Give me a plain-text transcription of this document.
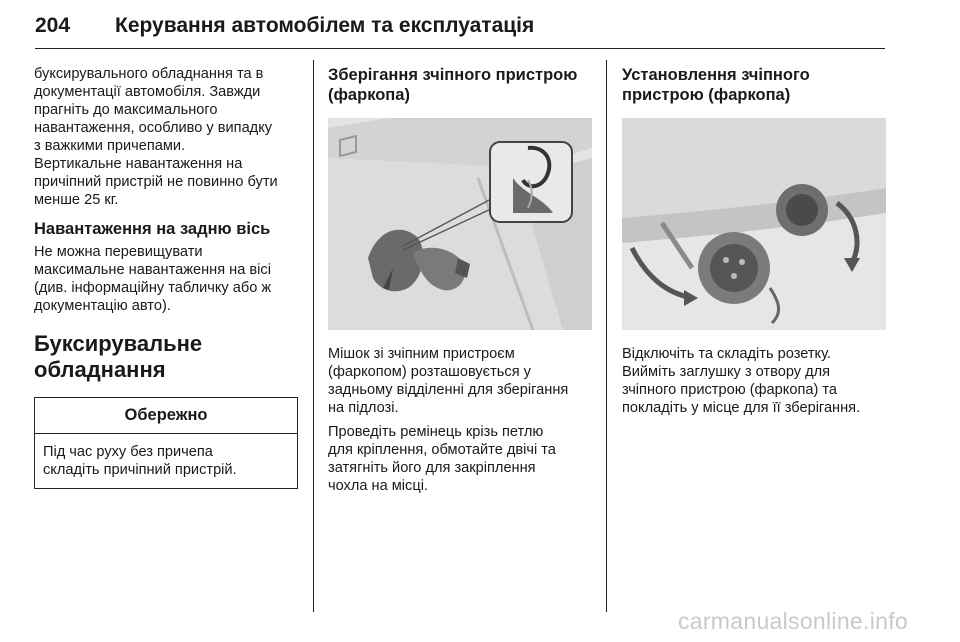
204 Керування автомобілем та експлуатація

буксирувального обладнання та в

документації автомобіля. Завжди

прагніть до максимального

навантаження, особливо у випадку

з важкими причепами.

Вертикальне навантаження на

причіпний пристрій не повинно бути

менше 25 кг.

Навантаження на задню вісь

Не можна перевищувати

максимальне навантаження на вісі

(див. інформаційну табличку або ж

документацію авто).

Буксирувальне
обладнання
Обережно

Під час руху без причепа

складіть причіпний пристрій.

Зберігання зчіпного пристрою
(фаркопа)

Мішок зі зчіпним пристроєм

(фаркопом) розташовується у

задньому відділенні для зберігання

на підлозі.

Проведіть ремінець крізь петлю

для кріплення, обмотайте двічі та

затягніть його для закріплення

чохла на місці.

Установлення зчіпного
пристрою (фаркопа)

Відключіть та складіть розетку.

Вийміть заглушку з отвору для

зчіпного пристрою (фаркопа) та

покладіть у місце для її зберігання.

carmanualsonline.info
